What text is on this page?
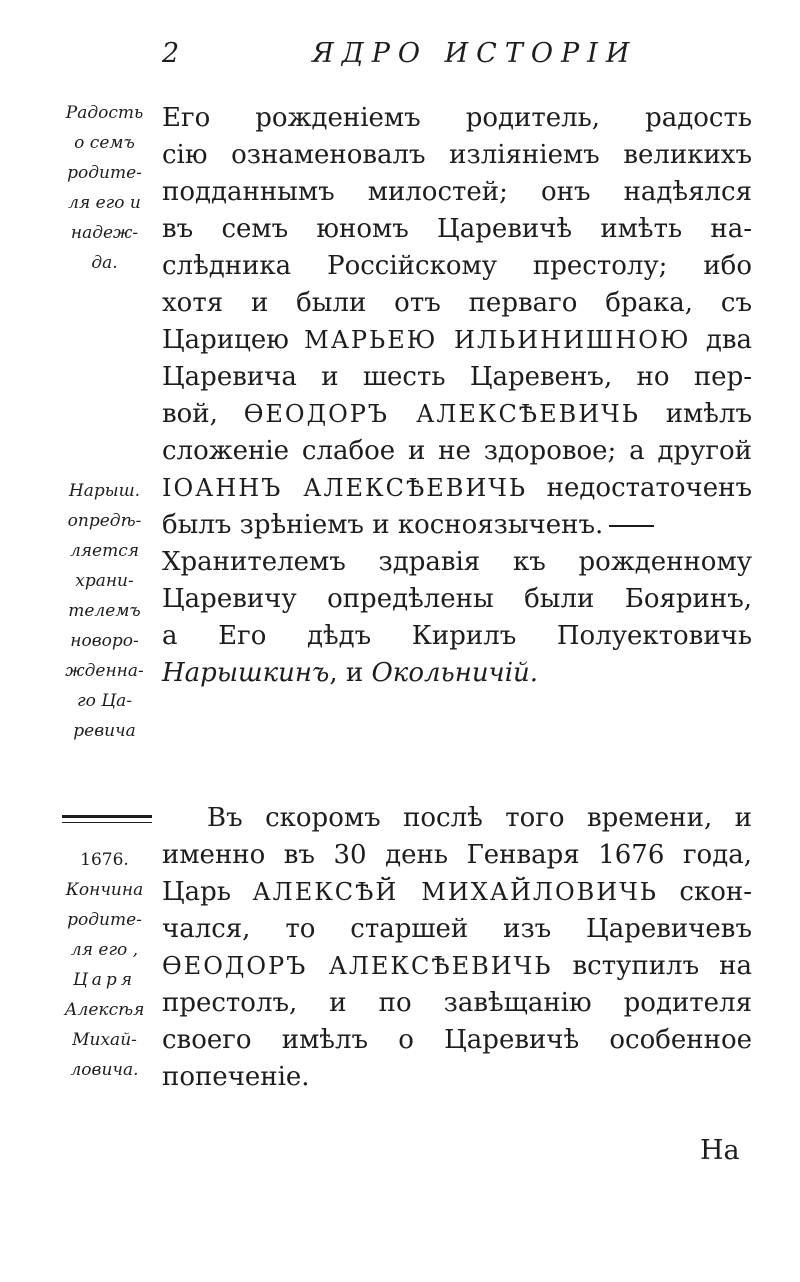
2	ЯДРО ИСТОРІИ
Радость
о семъ
родите-
ля его и
надеж-
да.
Нарыш.
опредѣ-
ляется
храни-
телемъ
новоро-
жденна-
го Ца-
ревича
1676.
Кончина
родите-
ля его ,
Царя
Алексѣя
Михай-
ловича.

Его рожденіемъ родитель, радость
сію ознаменовалъ изліяніемъ великихъ
подданнымъ милостей; онъ надѣялся
въ семъ юномъ Царевичѣ имѣть на-
слѣдника Россійскому престолу; ибо
хотя и были отъ перваго брака, съ
Царицею МАРЬЕЮ ИЛЬИНИШНОЮ два
Царевича и шесть Царевенъ, но пер-
вой, ѲЕОДОРЪ АЛЕКСѢЕВИЧЬ имѣлъ
сложеніе слабое и не здоровое; а другой
ІОАННЪ АЛЕКСѢЕВИЧЬ недостаточенъ
былъ зрѣніемъ и косноязыченъ.
Хранителемъ здравія къ рожденному
Царевичу опредѣлены были Бояринъ,
а Его дѣдъ Кирилъ Полуектовичь
Нарышкинъ, и Окольничій.

Въ скоромъ послѣ того времени, и
именно въ 30 день Генваря 1676 года,
Царь АЛЕКСѢЙ МИХАЙЛОВИЧЬ скон-
чался, то старшей изъ Царевичевъ
ѲЕОДОРЪ АЛЕКСѢЕВИЧЬ вступилъ на
престолъ, и по завѣщанію родителя
своего имѣлъ о Царевичѣ особенное
попеченіе.

На
